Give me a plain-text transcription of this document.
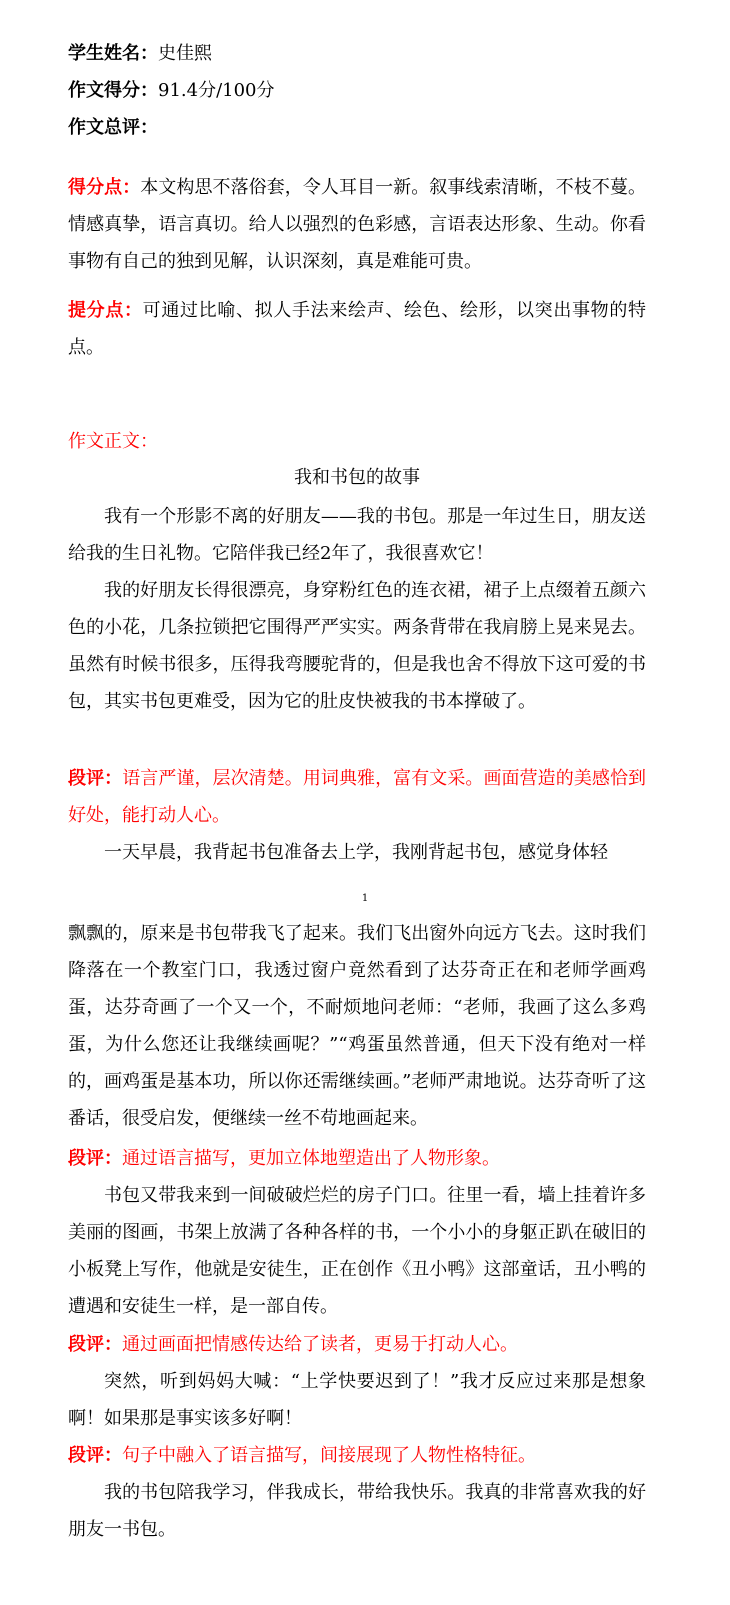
学生姓名：史佳熙
作文得分：91.4分/100分
作文总评：
得分点：本文构思不落俗套，令人耳目一新。叙事线索清晰，不枝不蔓。情感真挚，语言真切。给人以强烈的色彩感，言语表达形象、生动。你看事物有自己的独到见解，认识深刻，真是难能可贵。
提分点：可通过比喻、拟人手法来绘声、绘色、绘形，以突出事物的特点。
作文正文：
我和书包的故事
我有一个形影不离的好朋友——我的书包。那是一年过生日，朋友送给我的生日礼物。它陪伴我已经2年了，我很喜欢它！
我的好朋友长得很漂亮，身穿粉红色的连衣裙，裙子上点缀着五颜六色的小花，几条拉锁把它围得严严实实。两条背带在我肩膀上晃来晃去。虽然有时候书很多，压得我弯腰驼背的，但是我也舍不得放下这可爱的书包，其实书包更难受，因为它的肚皮快被我的书本撑破了。
段评：语言严谨，层次清楚。用词典雅，富有文采。画面营造的美感恰到好处，能打动人心。
一天早晨，我背起书包准备去上学，我刚背起书包，感觉身体轻
1
飘飘的，原来是书包带我飞了起来。我们飞出窗外向远方飞去。这时我们降落在一个教室门口，我透过窗户竟然看到了达芬奇正在和老师学画鸡蛋，达芬奇画了一个又一个，不耐烦地问老师：“老师，我画了这么多鸡蛋，为什么您还让我继续画呢？”“鸡蛋虽然普通，但天下没有绝对一样的，画鸡蛋是基本功，所以你还需继续画。”老师严肃地说。达芬奇听了这番话，很受启发，便继续一丝不苟地画起来。
段评：通过语言描写，更加立体地塑造出了人物形象。
书包又带我来到一间破破烂烂的房子门口。往里一看，墙上挂着许多美丽的图画，书架上放满了各种各样的书，一个小小的身躯正趴在破旧的小板凳上写作，他就是安徒生，正在创作《丑小鸭》这部童话，丑小鸭的遭遇和安徒生一样，是一部自传。
段评：通过画面把情感传达给了读者，更易于打动人心。
突然，听到妈妈大喊：“上学快要迟到了！”我才反应过来那是想象啊！如果那是事实该多好啊！
段评：句子中融入了语言描写，间接展现了人物性格特征。
我的书包陪我学习，伴我成长，带给我快乐。我真的非常喜欢我的好朋友一书包。
